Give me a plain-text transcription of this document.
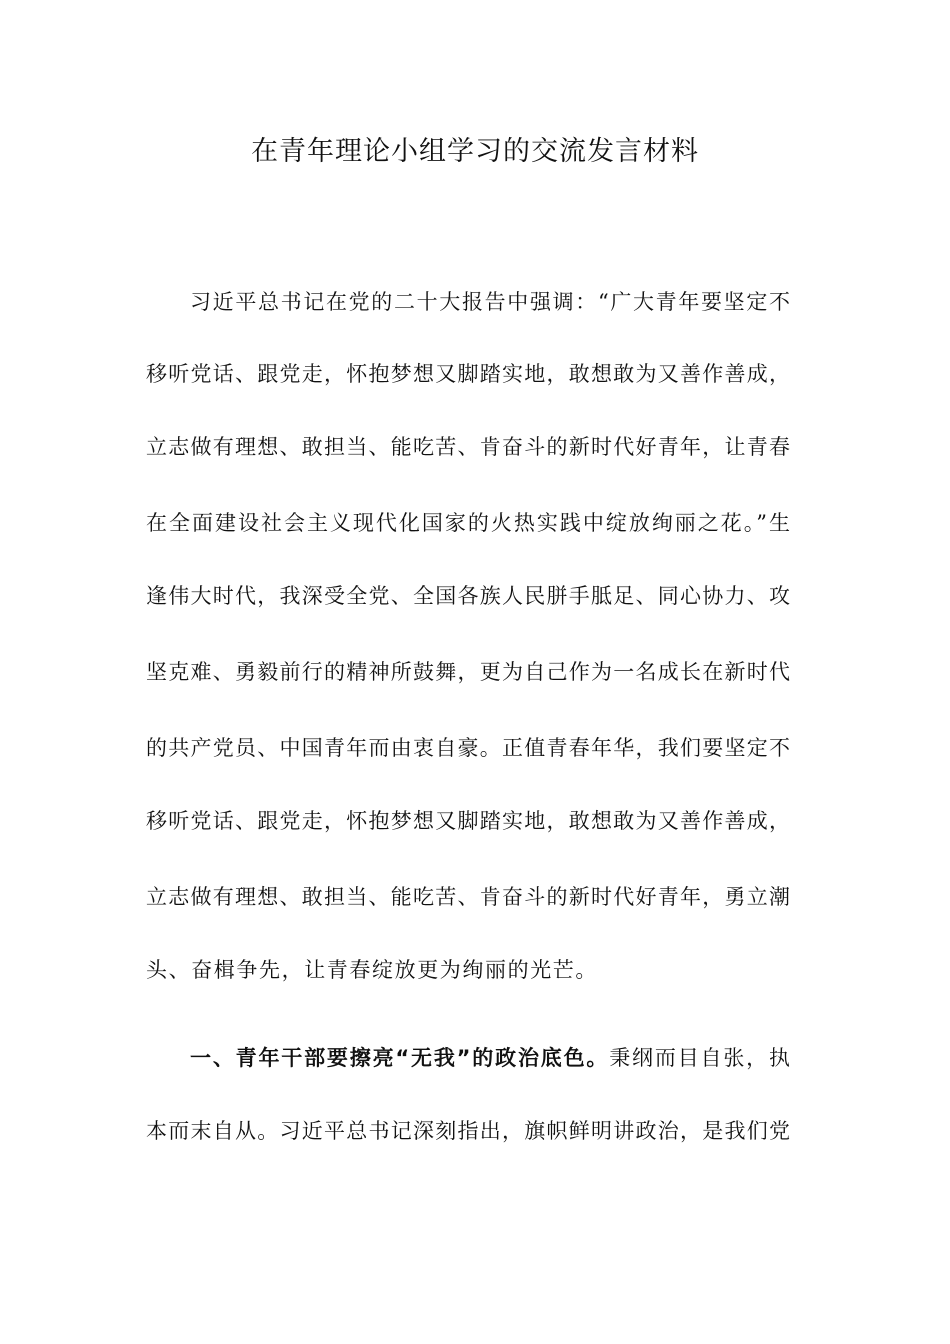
在青年理论小组学习的交流发言材料

习近平总书记在党的二十大报告中强调：“广大青年要坚定不

移听党话、跟党走，怀抱梦想又脚踏实地，敢想敢为又善作善成，

立志做有理想、敢担当、能吃苦、肯奋斗的新时代好青年，让青春

在全面建设社会主义现代化国家的火热实践中绽放绚丽之花。”生

逢伟大时代，我深受全党、全国各族人民胼手胝足、同心协力、攻

坚克难、勇毅前行的精神所鼓舞，更为自己作为一名成长在新时代

的共产党员、中国青年而由衷自豪。正值青春年华，我们要坚定不

移听党话、跟党走，怀抱梦想又脚踏实地，敢想敢为又善作善成，

立志做有理想、敢担当、能吃苦、肯奋斗的新时代好青年，勇立潮

头、奋楫争先，让青春绽放更为绚丽的光芒。

一、青年干部要擦亮“无我”的政治底色。秉纲而目自张，执

本而末自从。习近平总书记深刻指出，旗帜鲜明讲政治，是我们党
